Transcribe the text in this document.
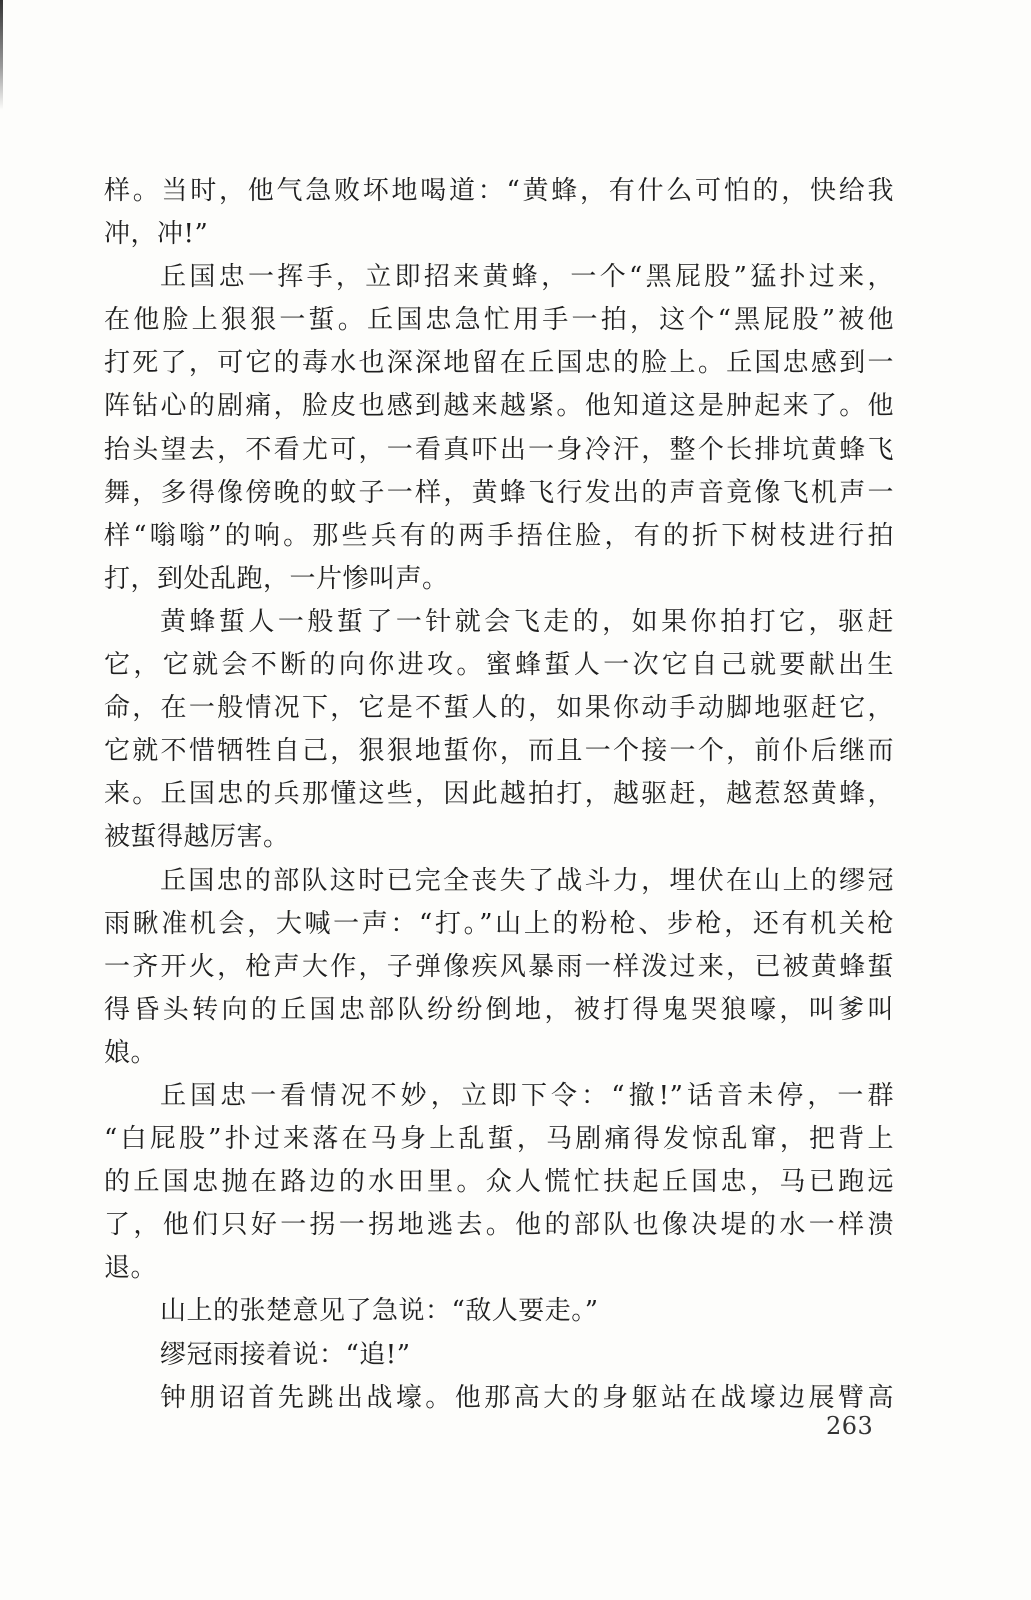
样。当时，他气急败坏地喝道：“黄蜂，有什么可怕的，快给我
冲，冲!”
丘国忠一挥手，立即招来黄蜂，一个“黑屁股”猛扑过来，
在他脸上狠狠一蜇。丘国忠急忙用手一拍，这个“黑屁股”被他
打死了，可它的毒水也深深地留在丘国忠的脸上。丘国忠感到一
阵钻心的剧痛，脸皮也感到越来越紧。他知道这是肿起来了。他
抬头望去，不看尤可，一看真吓出一身冷汗，整个长排坑黄蜂飞
舞，多得像傍晚的蚊子一样，黄蜂飞行发出的声音竟像飞机声一
样“嗡嗡”的响。那些兵有的两手捂住脸，有的折下树枝进行拍
打，到处乱跑，一片惨叫声。
黄蜂蜇人一般蜇了一针就会飞走的，如果你拍打它，驱赶
它，它就会不断的向你进攻。蜜蜂蜇人一次它自己就要献出生
命，在一般情况下，它是不蜇人的，如果你动手动脚地驱赶它，
它就不惜牺牲自己，狠狠地蜇你，而且一个接一个，前仆后继而
来。丘国忠的兵那懂这些，因此越拍打，越驱赶，越惹怒黄蜂，
被蜇得越厉害。
丘国忠的部队这时已完全丧失了战斗力，埋伏在山上的缪冠
雨瞅准机会，大喊一声：“打。”山上的粉枪、步枪，还有机关枪
一齐开火，枪声大作，子弹像疾风暴雨一样泼过来，已被黄蜂蜇
得昏头转向的丘国忠部队纷纷倒地，被打得鬼哭狼嚎，叫爹叫
娘。
丘国忠一看情况不妙，立即下令：“撤!”话音未停，一群
“白屁股”扑过来落在马身上乱蜇，马剧痛得发惊乱窜，把背上
的丘国忠抛在路边的水田里。众人慌忙扶起丘国忠，马已跑远
了，他们只好一拐一拐地逃去。他的部队也像决堤的水一样溃
退。
山上的张楚意见了急说：“敌人要走。”
缪冠雨接着说：“追!”
钟朋诏首先跳出战壕。他那高大的身躯站在战壕边展臂高
263
